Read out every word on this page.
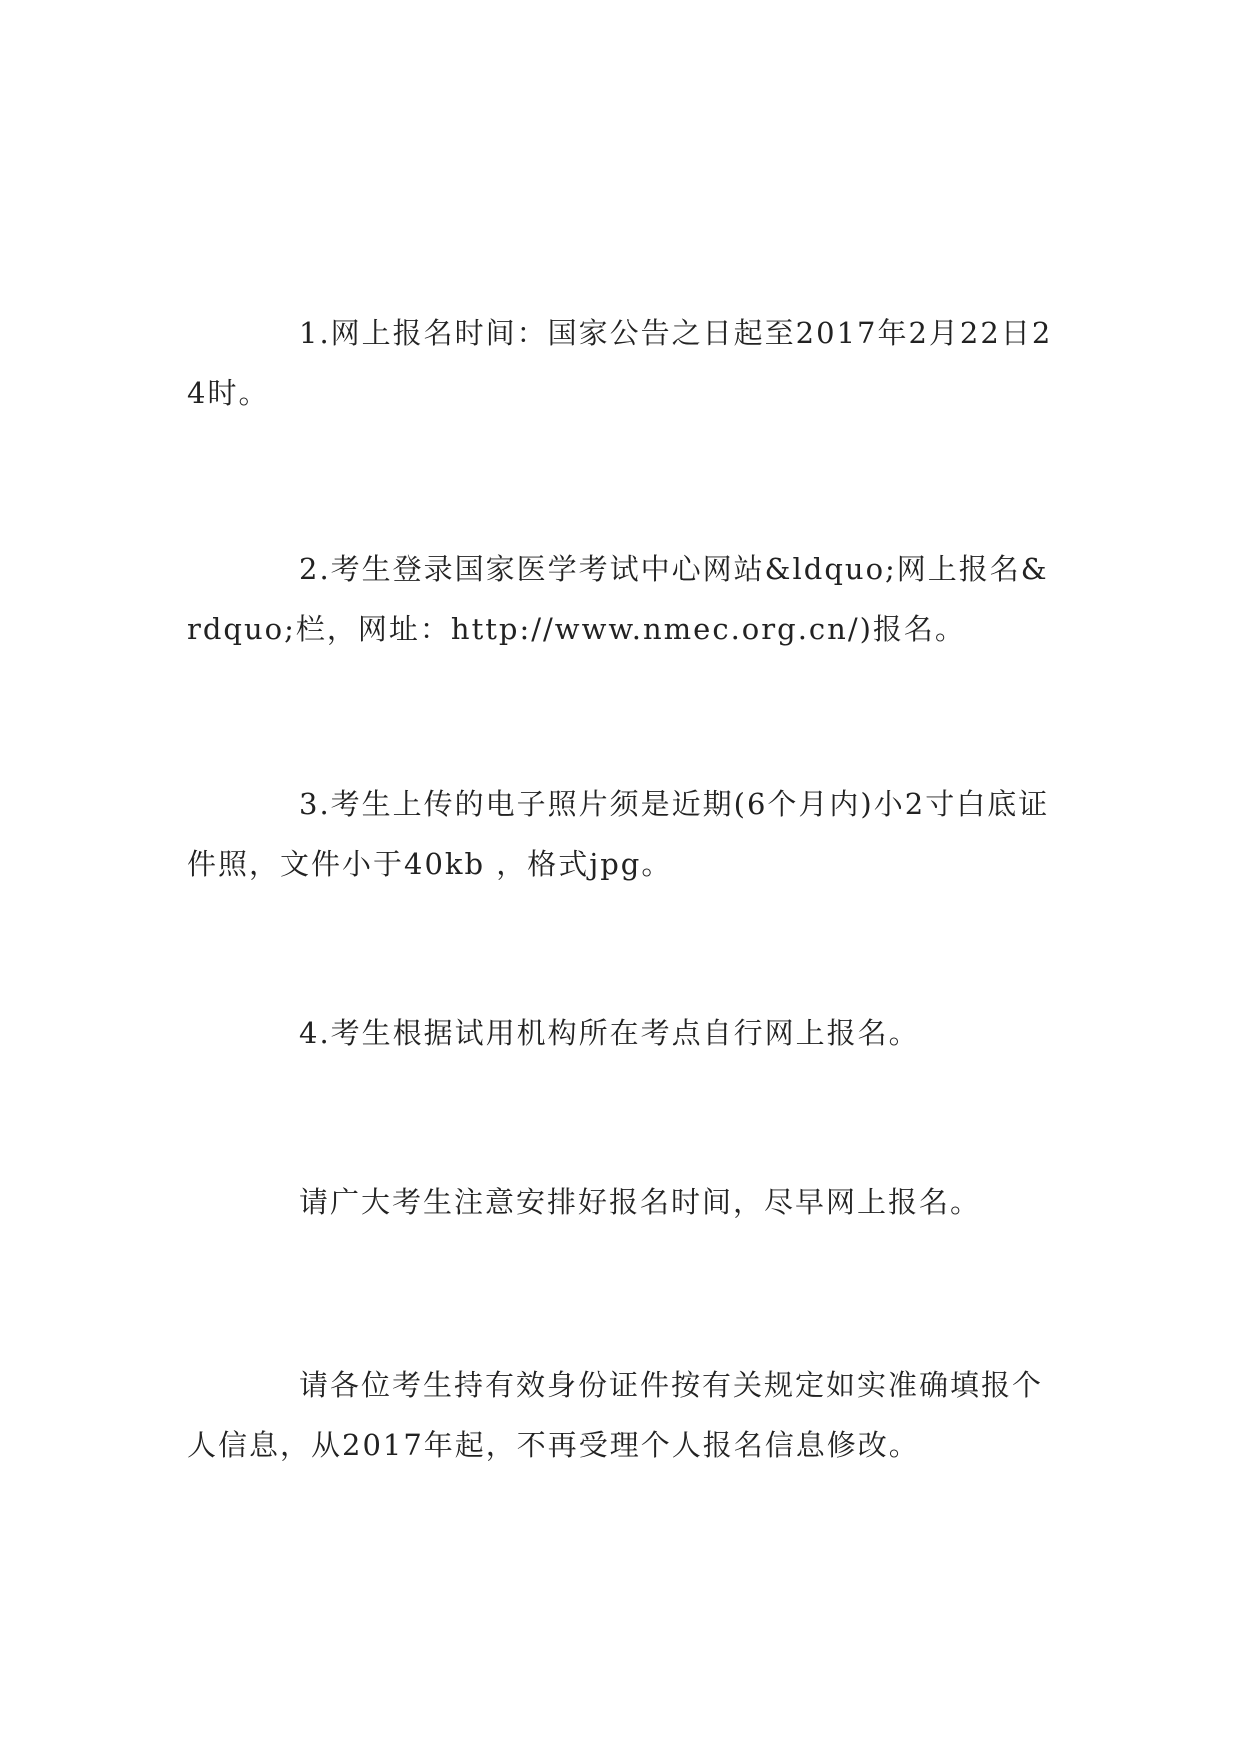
1.网上报名时间：国家公告之日起至2017年2月22日24时。

2.考生登录国家医学考试中心网站&ldquo;网上报名&rdquo;栏，网址：http://www.nmec.org.cn/)报名。

3.考生上传的电子照片须是近期(6个月内)小2寸白底证件照，文件小于40kb ，格式jpg。

4.考生根据试用机构所在考点自行网上报名。

请广大考生注意安排好报名时间，尽早网上报名。

请各位考生持有效身份证件按有关规定如实准确填报个人信息，从2017年起，不再受理个人报名信息修改。
